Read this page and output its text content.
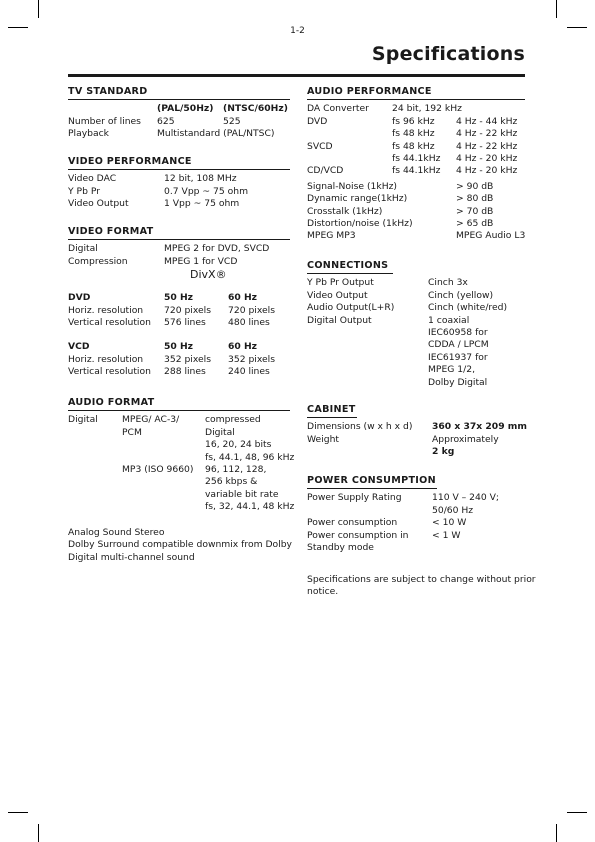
1-2
Specifications
TV STANDARD
(PAL/50Hz) (NTSC/60Hz)
Number of lines 625	525
Playback	Multistandard (PAL/NTSC)
VIDEO PERFORMANCE
Video DAC	12 bit, 108 MHz
Y Pb Pr	0.7 Vpp ~ 75 ohm
Video Output	1 Vpp ~ 75 ohm
VIDEO FORMAT
Digital	MPEG 2 for DVD, SVCD
Compression	MPEG 1 for VCD
DivX®
DVD	50 Hz	60 Hz
Horiz. resolution 720 pixels 720 pixels
Vertical resolution 576 lines 480 lines
VCD	50 Hz	60 Hz
Horiz. resolution 352 pixels 352 pixels
Vertical resolution 288 lines 240 lines
AUDIO FORMAT
Digital	MPEG/ AC-3/	compressed
PCM	Digital
16, 20, 24 bits
fs, 44.1, 48, 96 kHz
MP3 (ISO 9660) 96, 112, 128,
256 kbps &
variable bit rate
fs, 32, 44.1, 48 kHz
Analog Sound Stereo
Dolby Surround compatible downmix from Dolby
Digital multi-channel sound
AUDIO PERFORMANCE
DA Converter	24 bit, 192 kHz
DVD	fs 96 kHz 4 Hz - 44 kHz
fs 48 kHz 4 Hz - 22 kHz
SVCD	fs 48 kHz 4 Hz - 22 kHz
fs 44.1kHz 4 Hz - 20 kHz
CD/VCD	fs 44.1kHz 4 Hz - 20 kHz
Signal-Noise (1kHz)	> 90 dB
Dynamic range(1kHz)	> 80 dB
Crosstalk (1kHz)	> 70 dB
Distortion/noise (1kHz)	> 65 dB
MPEG MP3	MPEG Audio L3
CONNECTIONS
Y Pb Pr Output	Cinch 3x
Video Output	Cinch (yellow)
Audio Output(L+R)	Cinch (white/red)
Digital Output	1 coaxial
IEC60958 for
CDDA / LPCM
IEC61937 for
MPEG 1/2,
Dolby Digital
CABINET
Dimensions (w x h x d) 360 x 37x 209 mm
Weight	Approximately
2 kg
POWER CONSUMPTION
Power Supply Rating	110 V – 240 V;
50/60 Hz
Power consumption	< 10 W
Power consumption in	< 1 W
Standby mode
Specifications are subject to change without prior
notice.
